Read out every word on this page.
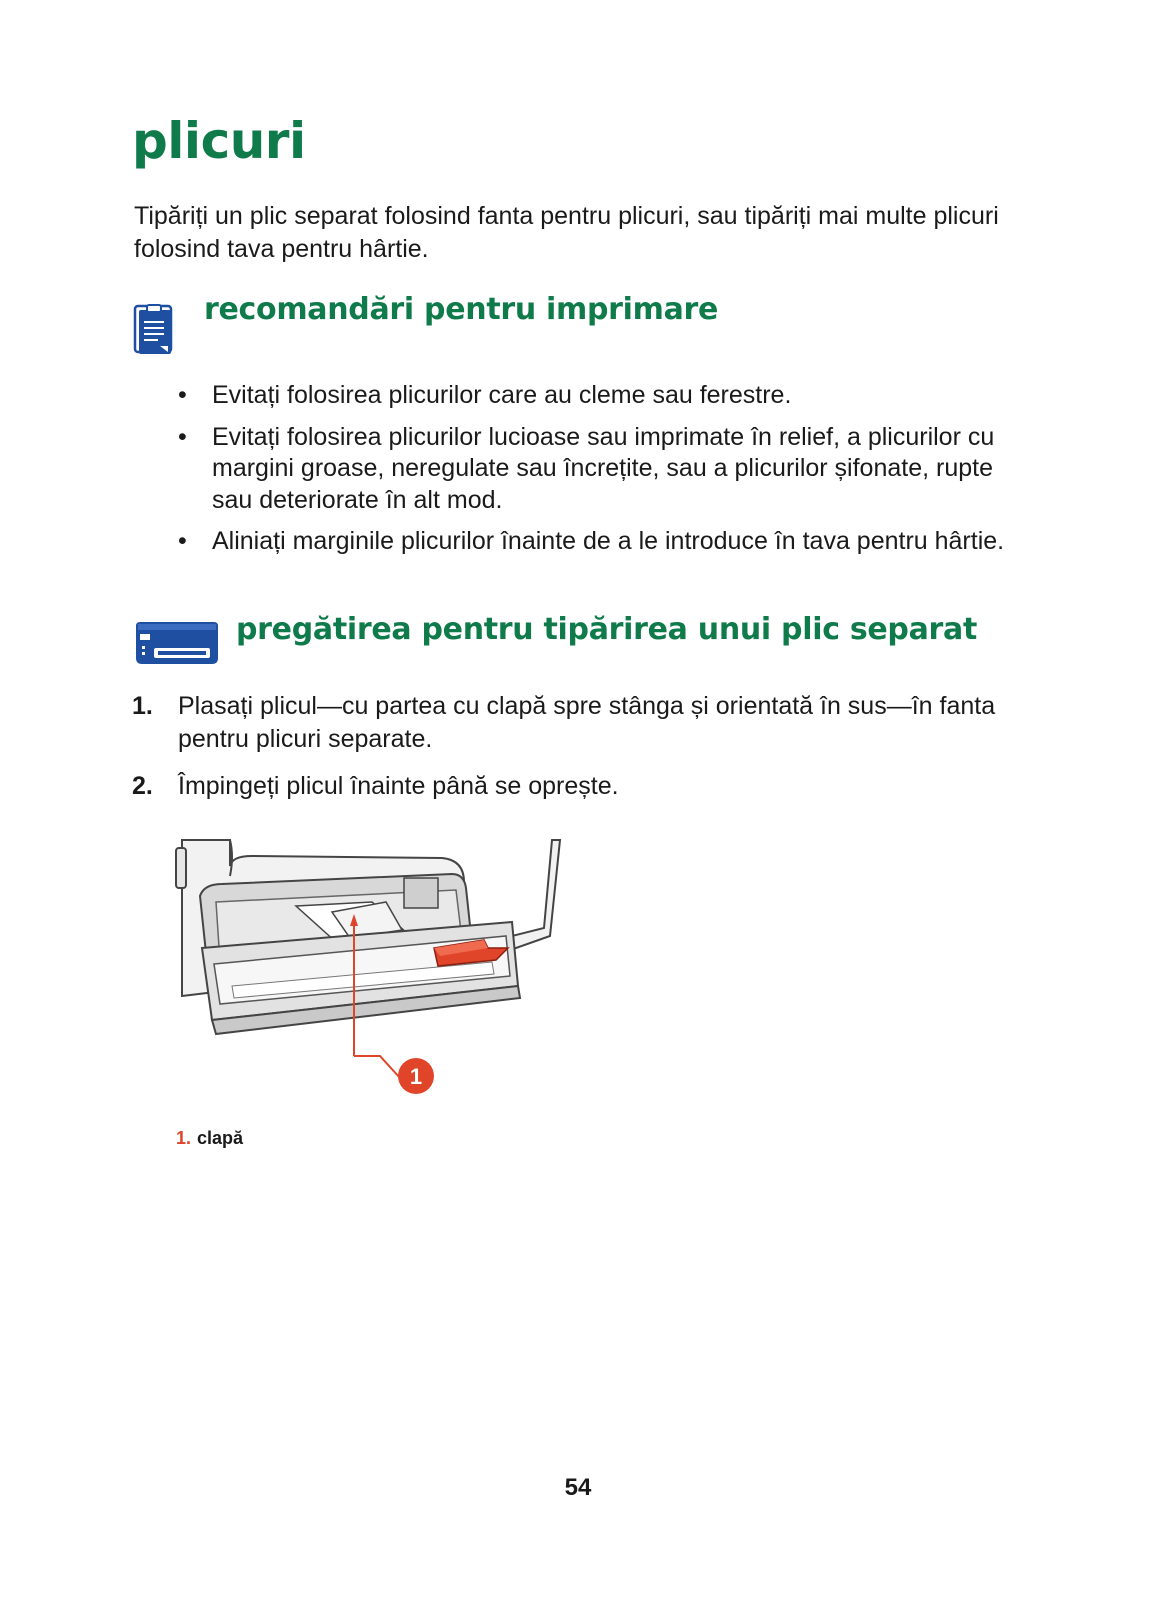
plicuri

Tipăriți un plic separat folosind fanta pentru plicuri, sau tipăriți mai multe plicuri folosind tava pentru hârtie.

recomandări pentru imprimare
• Evitați folosirea plicurilor care au cleme sau ferestre.
• Evitați folosirea plicurilor lucioase sau imprimate în relief, a plicurilor cu margini groase, neregulate sau încrețite, sau a plicurilor șifonate, rupte sau deteriorate în alt mod.
• Aliniați marginile plicurilor înainte de a le introduce în tava pentru hârtie.
pregătirea pentru tipărirea unui plic separat
1. Plasați plicul—cu partea cu clapă spre stânga și orientată în sus—în fanta pentru plicuri separate.
2. Împingeți plicul înainte până se oprește.
1

1. clapă

54
